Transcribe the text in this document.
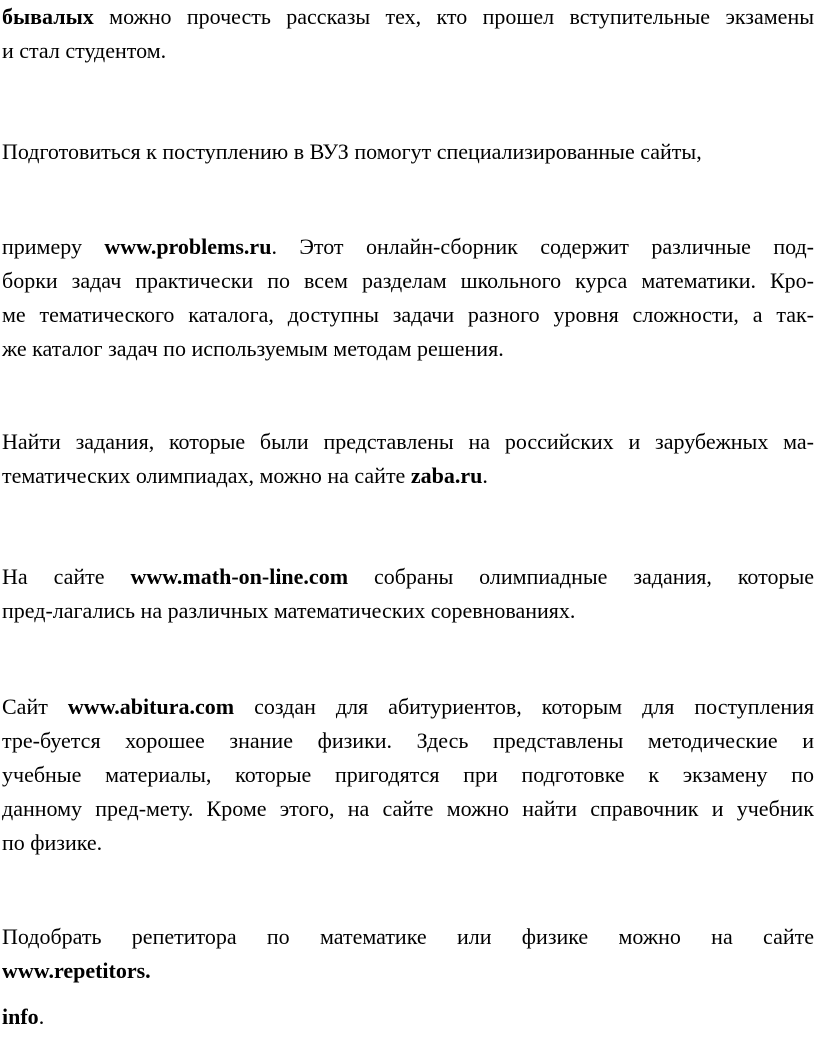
бывалых можно прочесть рассказы тех, кто прошел вступительные экзамены
и стал студентом.
Подготовиться к поступлению в ВУЗ помогут специализированные сайты,
примеру www.problems.ru. Этот онлайн-сборник содержит различные под-
борки задач практически по всем разделам школьного курса математики. Кро-
ме тематического каталога, доступны задачи разного уровня сложности, а так-
же каталог задач по используемым методам решения.
Найти задания, которые были представлены на российских и зарубежных ма-
тематических олимпиадах, можно на сайте zaba.ru.
На сайте www.math-on-line.com собраны олимпиадные задания, которые
пред-лагались на различных математических соревнованиях.
Сайт www.abitura.com создан для абитуриентов, которым для поступления
тре-буется хорошее знание физики. Здесь представлены методические и
учебные материалы, которые пригодятся при подготовке к экзамену по
данному пред-мету. Кроме этого, на сайте можно найти справочник и учебник
по физике.
Подобрать репетитора по математике или физике можно на сайте
www.repetitors.
info.
